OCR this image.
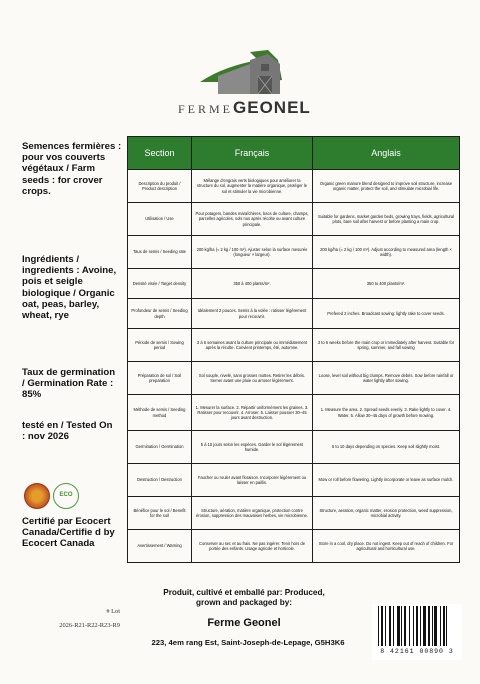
FERMEGEONEL
Semences fermières : pour vos couverts végétaux / Farm seeds : for crover crops.
Ingrédients / ingredients : Avoine, pois et seigle biologique / Organic oat, peas, barley, wheat, rye
Taux de germination / Germination Rate : 85%
testé en / Tested On : nov 2026
ECO
Certifié par Ecocert Canada/Certifie d by Ecocert Canada
Section	Français	Anglais
Description du produit / Product description	Mélange d'engrais verts biologiques pour améliorer la structure du sol, augmenter la matière organique, protéger le sol et stimuler la vie microbienne.	Organic green manure blend designed to improve soil structure, increase organic matter, protect the soil, and stimulate microbial life.
Utilisation / Use	Pour potagers, bandes maraîchères, bacs de culture, champs, parcelles agricoles, sols nus après récolte ou avant culture principale.	Suitable for gardens, market garden beds, growing trays, fields, agricultural plots, bare soil after harvest or before planting a main crop.
Taux de semis / Seeding rate	200 kg/ha (≈ 2 kg / 100 m²). Ajuster selon la surface mesurée (longueur × largeur).	200 kg/ha (≈ 2 kg / 100 m²). Adjust according to measured area (length × width).
Densité visée / Target density	350 à 400 plants/m².	350 to 400 plants/m².
Profondeur de semis / Seeding depth	Idéalement 2 pouces. Semis à la volée : ratisser légèrement pour recouvrir.	Prefered 2 inches. Broadcast sowing: lightly rake to cover seeds.
Période de semis / Sowing period	3 à 6 semaines avant la culture principale ou immédiatement après la récolte. Convient printemps, été, automne.	3 to 6 weeks before the main crop or immediately after harvest. Suitable for spring, summer, and fall sowing
Préparation de sol / Soil preparation	Sol souple, nivelé, sans grosses mottes. Retirer les débris. Semer avant une pluie ou arroser légèrement.	Loose, level soil without big clumps. Remove debris. Sow before rainfall or water lightly after sowing.
Méthode de semis / Seeding method	1. Mesurer la surface. 2. Répartir uniformément les graines. 3. Ratisser pour recouvrir. 4. Arroser. 5. Laisser pousser 30–45 jours avant destruction.	1. Measure the area. 2. Spread seeds evenly. 3. Rake lightly to cover. 4. Water. 5. Allow 30–45 days of growth before mowing.
Germination / Germination	5 à 10 jours selon les espèces. Garder le sol légèrement humide.	5 to 10 days depending on species. Keep soil slightly moist.
Destruction / Destruction	Faucher ou rouler avant floraison. Incorporer légèrement ou laisser en paillis.	Mow or roll before flowering. Lightly incorporate or leave as surface mulch.
Bénéfice pour le sol / Benefit for the soil	Structure, aération, matière organique, protection contre érosion, suppression des mauvaises herbes, vie microbienne.	Structure, aeration, organic matter, erosion protection, weed suppression, microbial activity.
Avertissement / Warning	Conserver au sec et au frais. Ne pas ingérer. Tenir hors de portée des enfants. Usage agricole et horticole.	Store in a cool, dry place. Do not ingest. Keep out of reach of children. For agricultural and horticultural use.
Produit, cultivé et emballé par: Produced, grown and packaged by:
Ferme Geonel
223, 4em rang Est, Saint-Joseph-de-Lepage, G5H3K6
# Lot
2026-R21-R22-R23-R9
8 42161 00890 3
